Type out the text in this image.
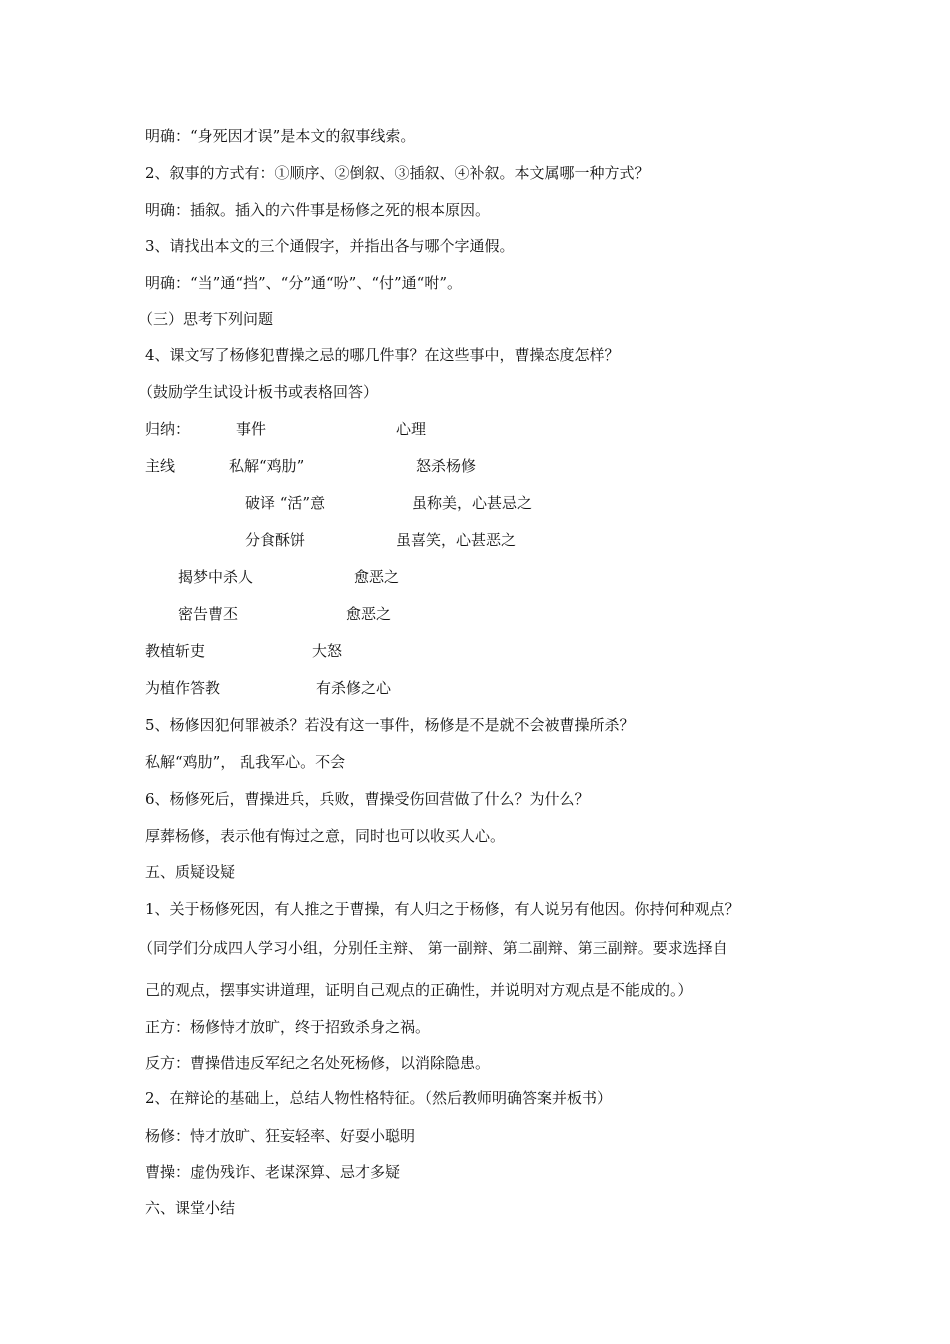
明确：“身死因才误”是本文的叙事线索。
2、叙事的方式有：①顺序、②倒叙、③插叙、④补叙。本文属哪一种方式？
明确：插叙。插入的六件事是杨修之死的根本原因。
3、请找出本文的三个通假字，并指出各与哪个字通假。
明确：“当”通“挡”、“分”通“吩”、“付”通“咐”。
（三）思考下列问题
4、课文写了杨修犯曹操之忌的哪几件事？在这些事中，曹操态度怎样？
（鼓励学生试设计板书或表格回答）
归纳：	事件	心理
主线	私解“鸡肋”	怒杀杨修
破译 “活”意	虽称美，心甚忌之
分食酥饼	虽喜笑，心甚恶之
揭梦中杀人	愈恶之
密告曹丕	愈恶之
教植斩吏	大怒
为植作答教	有杀修之心
5、杨修因犯何罪被杀？若没有这一事件，杨修是不是就不会被曹操所杀？
私解“鸡肋”， 乱我军心。不会
6、杨修死后，曹操进兵，兵败，曹操受伤回营做了什么？为什么？
厚葬杨修，表示他有悔过之意，同时也可以收买人心。
五、质疑设疑
1、关于杨修死因，有人推之于曹操，有人归之于杨修，有人说另有他因。你持何种观点？
（同学们分成四人学习小组，分别任主辩、 第一副辩、第二副辩、第三副辩。要求选择自
己的观点，摆事实讲道理，证明自己观点的正确性，并说明对方观点是不能成的。）
正方：杨修恃才放旷，终于招致杀身之祸。
反方：曹操借违反军纪之名处死杨修，以消除隐患。
2、在辩论的基础上，总结人物性格特征。（然后教师明确答案并板书）
杨修：恃才放旷、狂妄轻率、好耍小聪明
曹操：虚伪残诈、老谋深算、忌才多疑
六、课堂小结
